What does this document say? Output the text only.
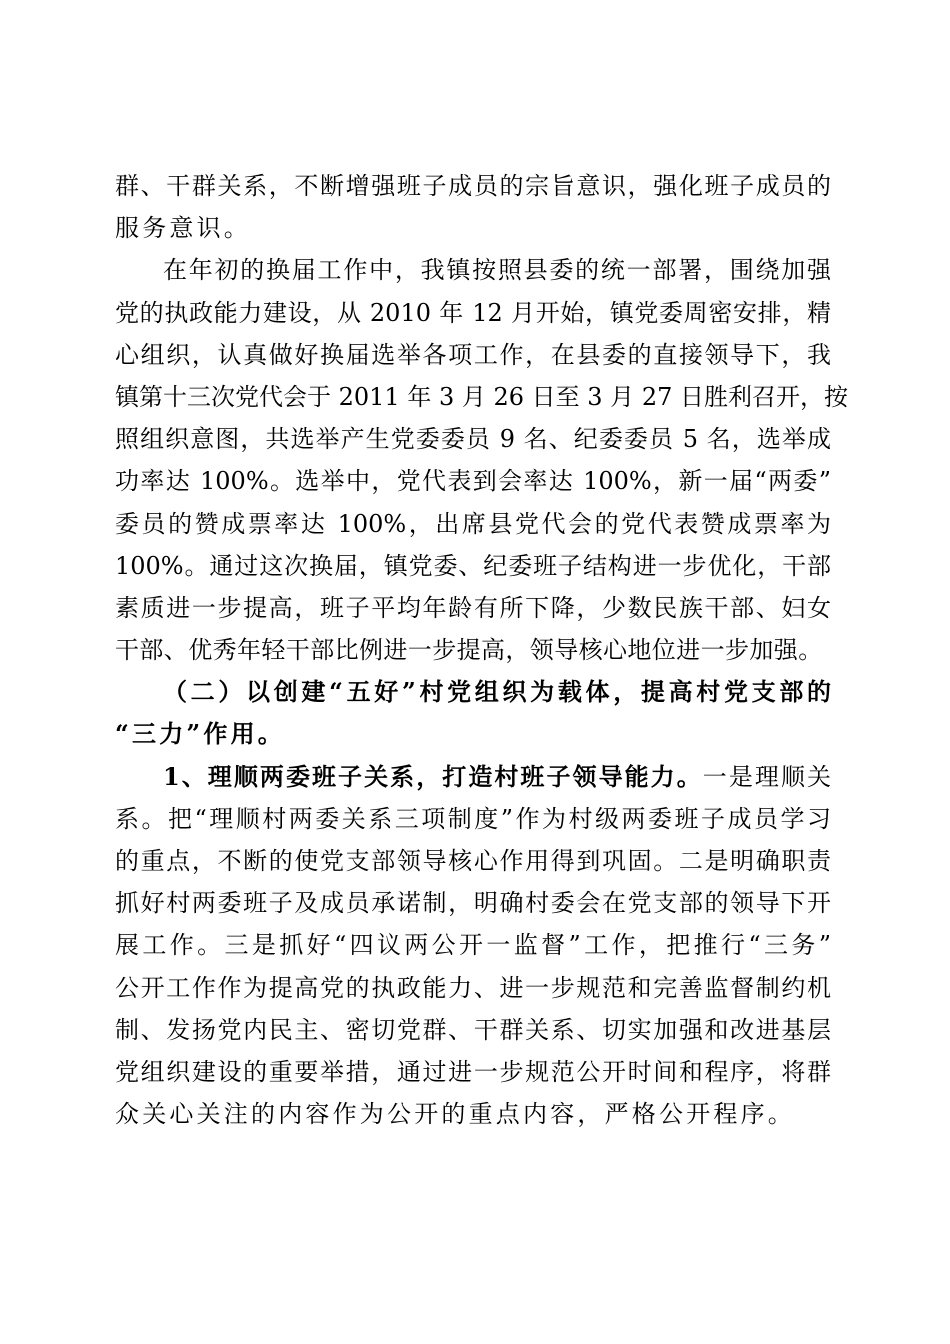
群、干群关系，不断增强班子成员的宗旨意识，强化班子成员的
服务意识。
在年初的换届工作中，我镇按照县委的统一部署，围绕加强
党的执政能力建设，从 2010 年 12 月开始，镇党委周密安排，精
心组织，认真做好换届选举各项工作，在县委的直接领导下，我
镇第十三次党代会于 2011 年 3 月 26 日至 3 月 27 日胜利召开，按
照组织意图，共选举产生党委委员 9 名、纪委委员 5 名，选举成
功率达 100%。选举中，党代表到会率达 100%，新一届“两委”
委员的赞成票率达 100%，出席县党代会的党代表赞成票率为
100%。通过这次换届，镇党委、纪委班子结构进一步优化，干部
素质进一步提高，班子平均年龄有所下降，少数民族干部、妇女
干部、优秀年轻干部比例进一步提高，领导核心地位进一步加强。
（二）以创建“五好”村党组织为载体，提高村党支部的
“三力”作用。
1、理顺两委班子关系，打造村班子领导能力。一是理顺关
系。把“理顺村两委关系三项制度”作为村级两委班子成员学习
的重点，不断的使党支部领导核心作用得到巩固。二是明确职责
抓好村两委班子及成员承诺制，明确村委会在党支部的领导下开
展工作。三是抓好“四议两公开一监督”工作，把推行“三务”
公开工作作为提高党的执政能力、进一步规范和完善监督制约机
制、发扬党内民主、密切党群、干群关系、切实加强和改进基层
党组织建设的重要举措，通过进一步规范公开时间和程序，将群
众关心关注的内容作为公开的重点内容，严格公开程序。
